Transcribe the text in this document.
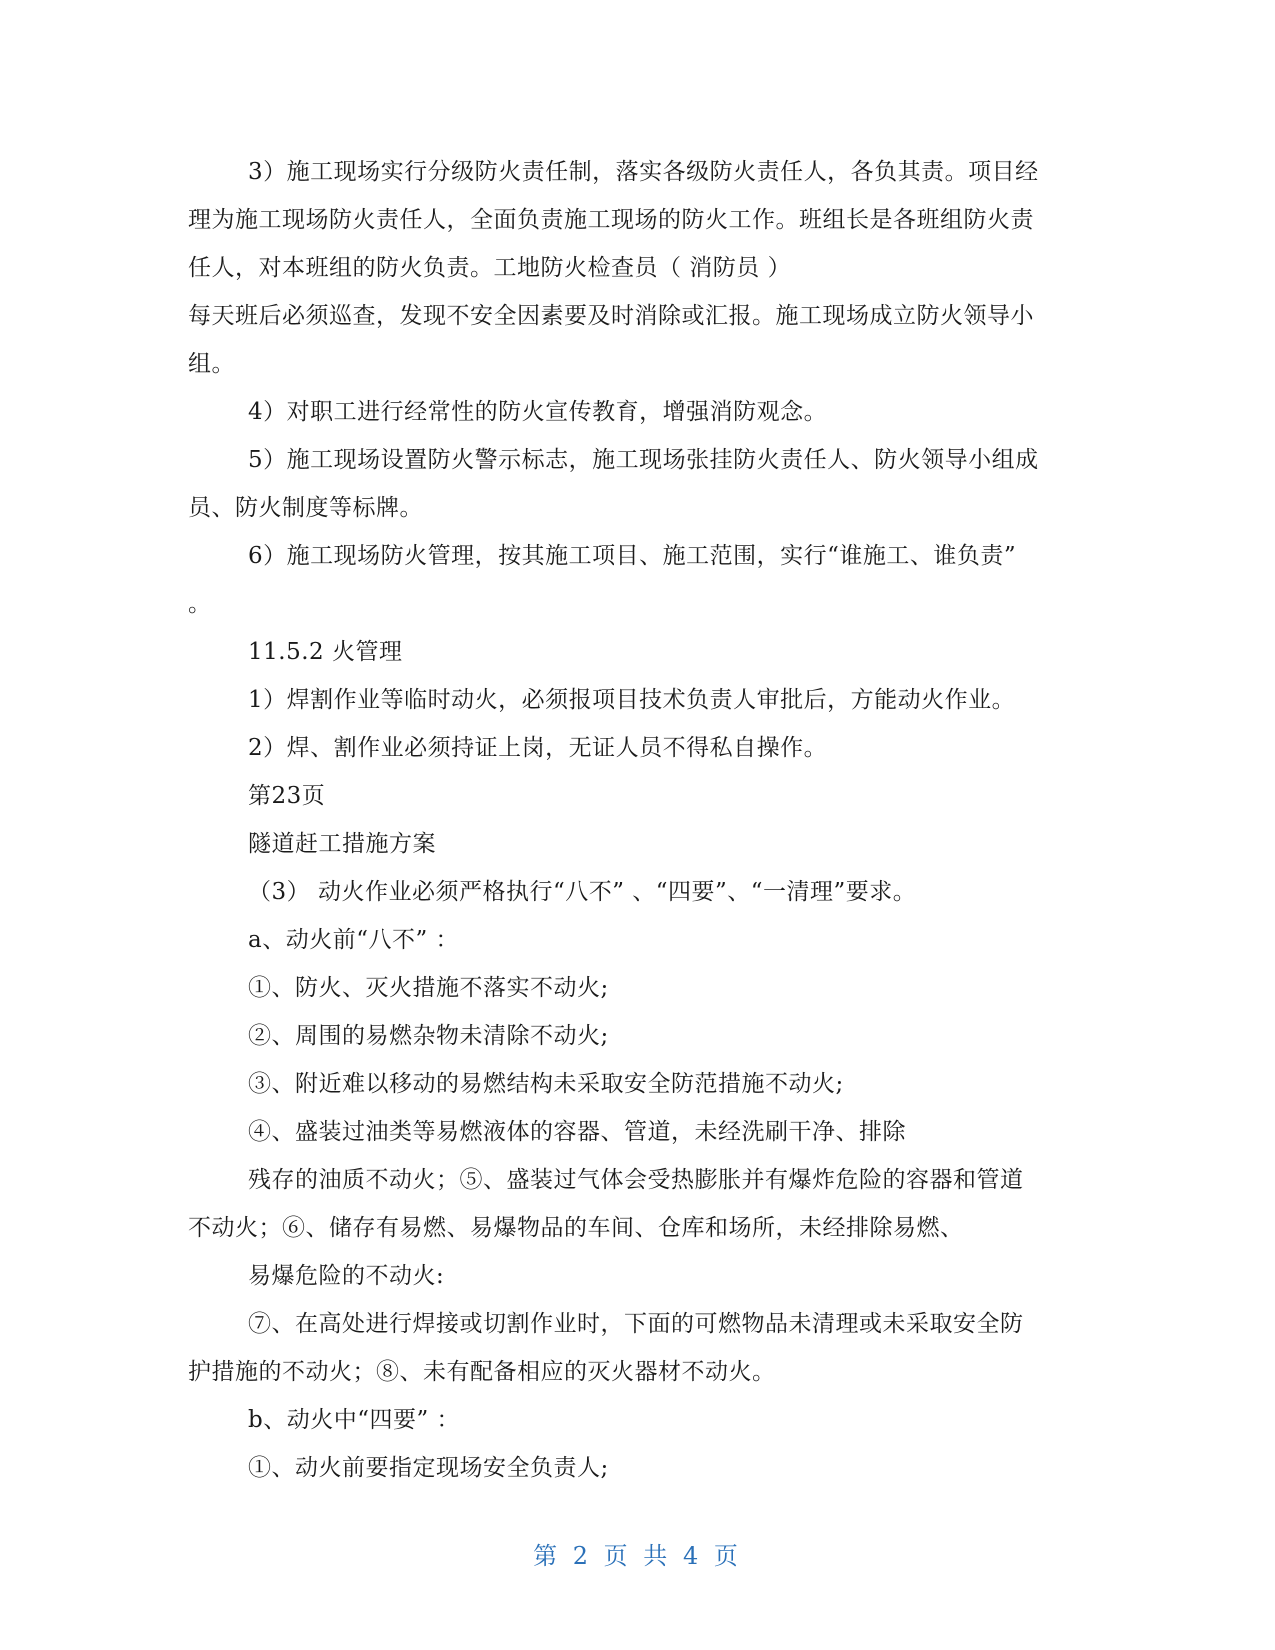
3）施工现场实行分级防火责任制，落实各级防火责任人，各负其责。项目经
理为施工现场防火责任人，全面负责施工现场的防火工作。班组长是各班组防火责
任人，对本班组的防火负责。工地防火检查员（ 消防员 ）
每天班后必须巡查，发现不安全因素要及时消除或汇报。施工现场成立防火领导小
组。
4）对职工进行经常性的防火宣传教育，增强消防观念。
5）施工现场设置防火警示标志，施工现场张挂防火责任人、防火领导小组成
员、防火制度等标牌。
6）施工现场防火管理，按其施工项目、施工范围，实行“谁施工、谁负责”
。
11.5.2 火管理
1）焊割作业等临时动火，必须报项目技术负责人审批后，方能动火作业。
2）焊、割作业必须持证上岗，无证人员不得私自操作。
第23页
隧道赶工措施方案
（3） 动火作业必须严格执行“八不” 、“四要”、“一清理”要求。
a、动火前“八不” ：
①、防火、灭火措施不落实不动火;
②、周围的易燃杂物未清除不动火;
③、附近难以移动的易燃结构未采取安全防范措施不动火;
④、盛装过油类等易燃液体的容器、管道，未经洗刷干净、排除
残存的油质不动火；⑤、盛装过气体会受热膨胀并有爆炸危险的容器和管道
不动火；⑥、储存有易燃、易爆物品的车间、仓库和场所，未经排除易燃、
易爆危险的不动火:
⑦、在高处进行焊接或切割作业时，下面的可燃物品未清理或未采取安全防
护措施的不动火；⑧、未有配备相应的灭火器材不动火。
b、动火中“四要” ：
①、动火前要指定现场安全负责人;
第 2 页 共 4 页
